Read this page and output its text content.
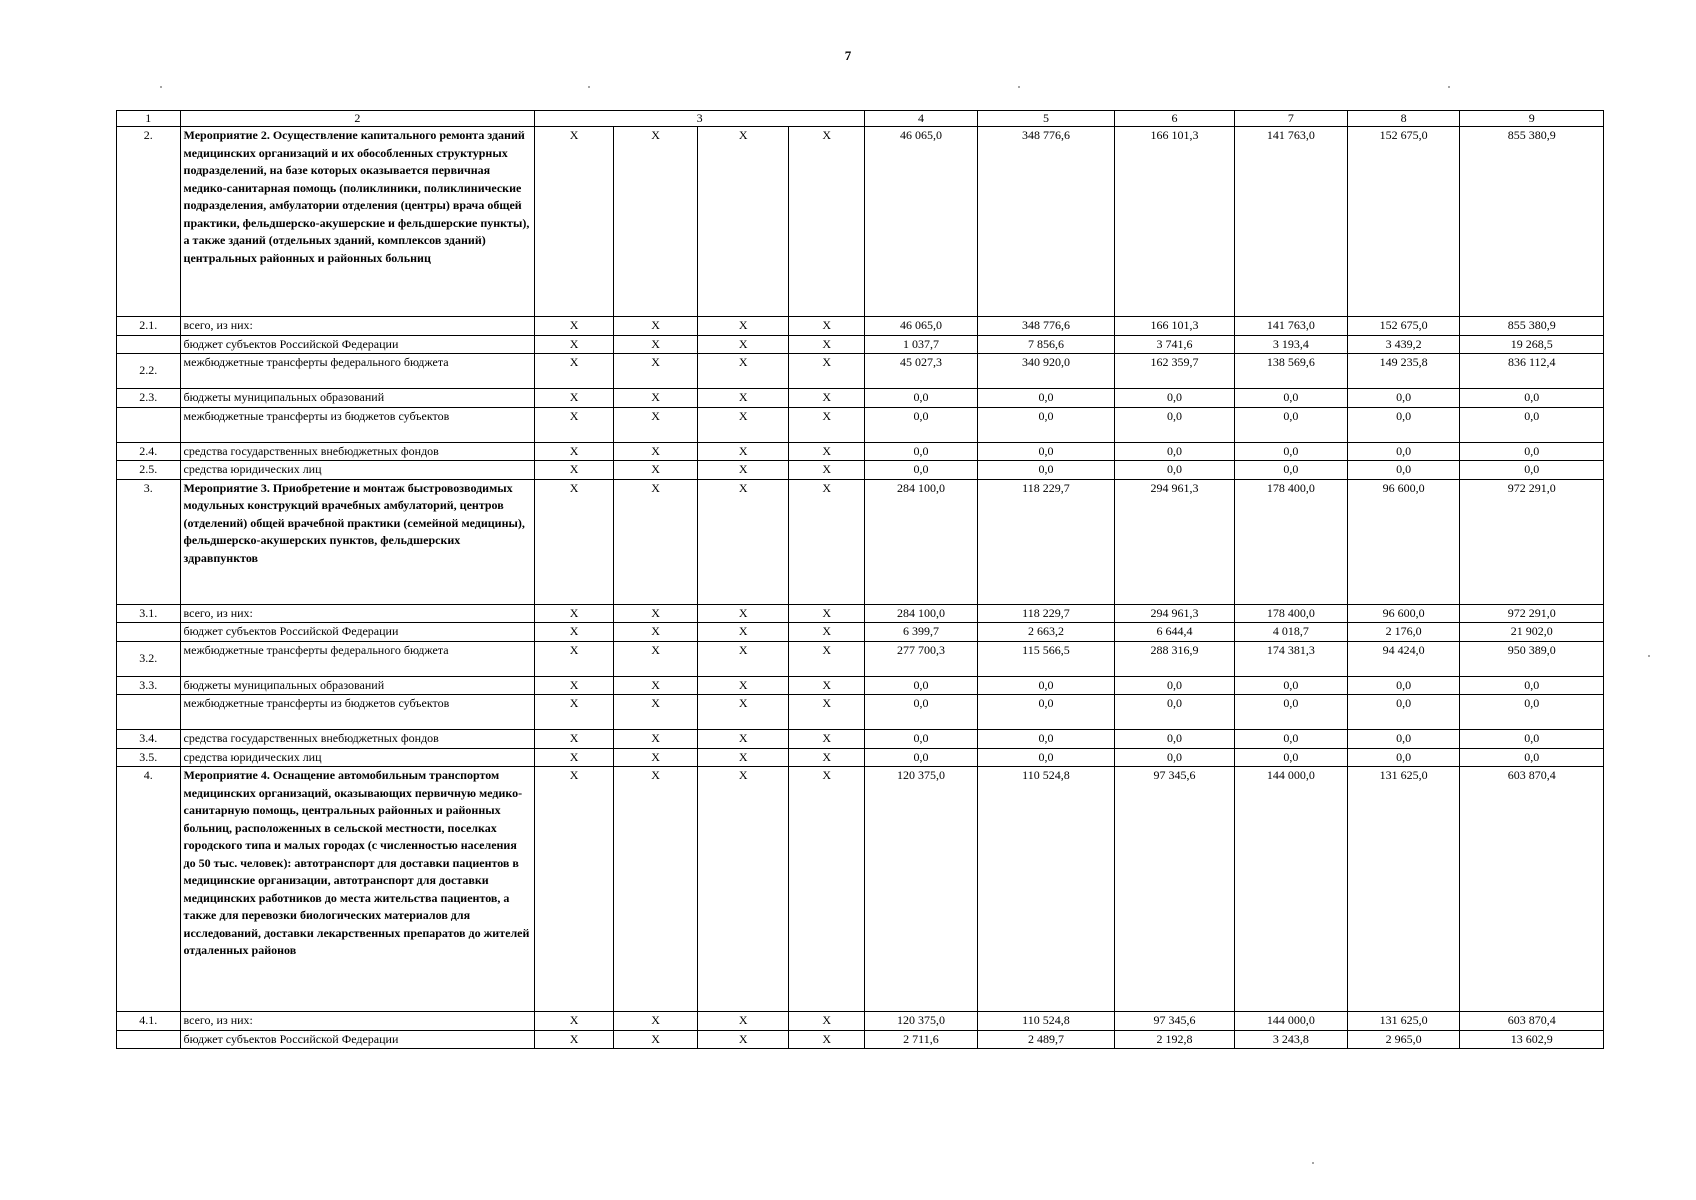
7
1	2	3				4	5	6	7	8	9
2.	Мероприятие 2. Осуществление капитального ремонта зданий медицинских организаций и их обособленных структурных подразделений, на базе которых оказывается первичная медико-санитарная помощь (поликлиники, поликлинические подразделения, амбулатории отделения (центры) врача общей практики, фельдшерско-акушерские и фельдшерские пункты), а также зданий (отдельных зданий, комплексов зданий) центральных районных и районных больниц	Х	Х	Х	Х	46 065,0	348 776,6	166 101,3	141 763,0	152 675,0	855 380,9
2.1.	всего, из них:	Х	Х	Х	Х	46 065,0	348 776,6	166 101,3	141 763,0	152 675,0	855 380,9
	бюджет субъектов Российской Федерации	Х	Х	Х	Х	1 037,7	7 856,6	3 741,6	3 193,4	3 439,2	19 268,5
2.2.	межбюджетные трансферты федерального бюджета	Х	Х	Х	Х	45 027,3	340 920,0	162 359,7	138 569,6	149 235,8	836 112,4
2.3.	бюджеты муниципальных образований	Х	Х	Х	Х	0,0	0,0	0,0	0,0	0,0	0,0
	межбюджетные трансферты из бюджетов субъектов	Х	Х	Х	Х	0,0	0,0	0,0	0,0	0,0	0,0
2.4.	средства государственных внебюджетных фондов	Х	Х	Х	Х	0,0	0,0	0,0	0,0	0,0	0,0
2.5.	средства юридических лиц	Х	Х	Х	Х	0,0	0,0	0,0	0,0	0,0	0,0
3.	Мероприятие 3. Приобретение и монтаж быстровозводимых модульных конструкций врачебных амбулаторий, центров (отделений) общей врачебной практики (семейной медицины), фельдшерско-акушерских пунктов, фельдшерских здравпунктов	Х	Х	Х	Х	284 100,0	118 229,7	294 961,3	178 400,0	96 600,0	972 291,0
3.1.	всего, из них:	Х	Х	Х	Х	284 100,0	118 229,7	294 961,3	178 400,0	96 600,0	972 291,0
	бюджет субъектов Российской Федерации	Х	Х	Х	Х	6 399,7	2 663,2	6 644,4	4 018,7	2 176,0	21 902,0
3.2.	межбюджетные трансферты федерального бюджета	Х	Х	Х	Х	277 700,3	115 566,5	288 316,9	174 381,3	94 424,0	950 389,0
3.3.	бюджеты муниципальных образований	Х	Х	Х	Х	0,0	0,0	0,0	0,0	0,0	0,0
	межбюджетные трансферты из бюджетов субъектов	Х	Х	Х	Х	0,0	0,0	0,0	0,0	0,0	0,0
3.4.	средства государственных внебюджетных фондов	Х	Х	Х	Х	0,0	0,0	0,0	0,0	0,0	0,0
3.5.	средства юридических лиц	Х	Х	Х	Х	0,0	0,0	0,0	0,0	0,0	0,0
4.	Мероприятие 4. Оснащение автомобильным транспортом медицинских организаций, оказывающих первичную медико-санитарную помощь, центральных районных и районных больниц, расположенных в сельской местности, поселках городского типа и малых городах (с численностью населения до 50 тыс. человек): автотранспорт для доставки пациентов в медицинские организации, автотранспорт для доставки медицинских работников до места жительства пациентов, а также для перевозки биологических материалов для исследований, доставки лекарственных препаратов до жителей отдаленных районов	Х	Х	Х	Х	120 375,0	110 524,8	97 345,6	144 000,0	131 625,0	603 870,4
4.1.	всего, из них:	Х	Х	Х	Х	120 375,0	110 524,8	97 345,6	144 000,0	131 625,0	603 870,4
	бюджет субъектов Российской Федерации	Х	Х	Х	Х	2 711,6	2 489,7	2 192,8	3 243,8	2 965,0	13 602,9
